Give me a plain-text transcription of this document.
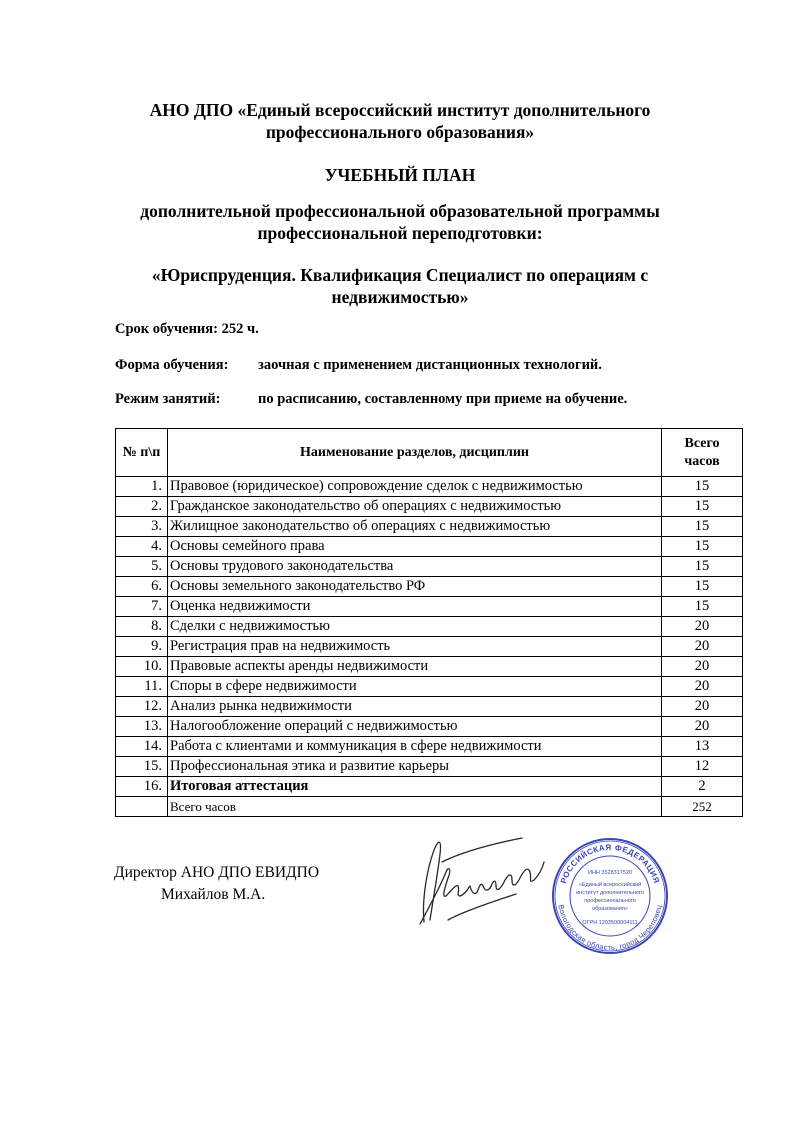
АНО ДПО «Единый всероссийский институт дополнительного
профессионального образования»
УЧЕБНЫЙ ПЛАН
дополнительной профессиональной образовательной программы
профессиональной переподготовки:
«Юриспруденция. Квалификация Специалист по операциям с
недвижимостью»
Срок обучения: 252 ч.
Форма обучения: заочная с применением дистанционных технологий.
Режим занятий:	по расписанию, составленному при приеме на обучение.
№ п\п	Наименование разделов, дисциплин	Всего
часов

1.	Правовое (юридическое) сопровождение сделок с недвижимостью	15
2.	Гражданское законодательство об операциях с недвижимостью	15
3.	Жилищное законодательство об операциях с недвижимостью	15
4.	Основы семейного права	15
5.	Основы трудового законодательства	15
6.	Основы земельного законодательство РФ	15
7.	Оценка недвижимости	15
8.	Сделки с недвижимостью	20
9.	Регистрация прав на недвижимость	20
10.	Правовые аспекты аренды недвижимости	20
11.	Споры в сфере недвижимости	20
12.	Анализ рынка недвижимости	20
13.	Налогообложение операций с недвижимостью	20
14.	Работа с клиентами и коммуникация в сфере недвижимости	13
15.	Профессиональная этика и развитие карьеры	12
16.	Итоговая аттестация	2
	Всего часов	252
Директор АНО ДПО ЕВИДПО
Михайлов М.А.
РОССИЙСКАЯ ФЕДЕРАЦИЯ
Вологодская область, город Череповец
ИНН 3528317520
«Единый всероссийский
институт дополнительного
профессионального
образования»
ОГРН 1203500004111
